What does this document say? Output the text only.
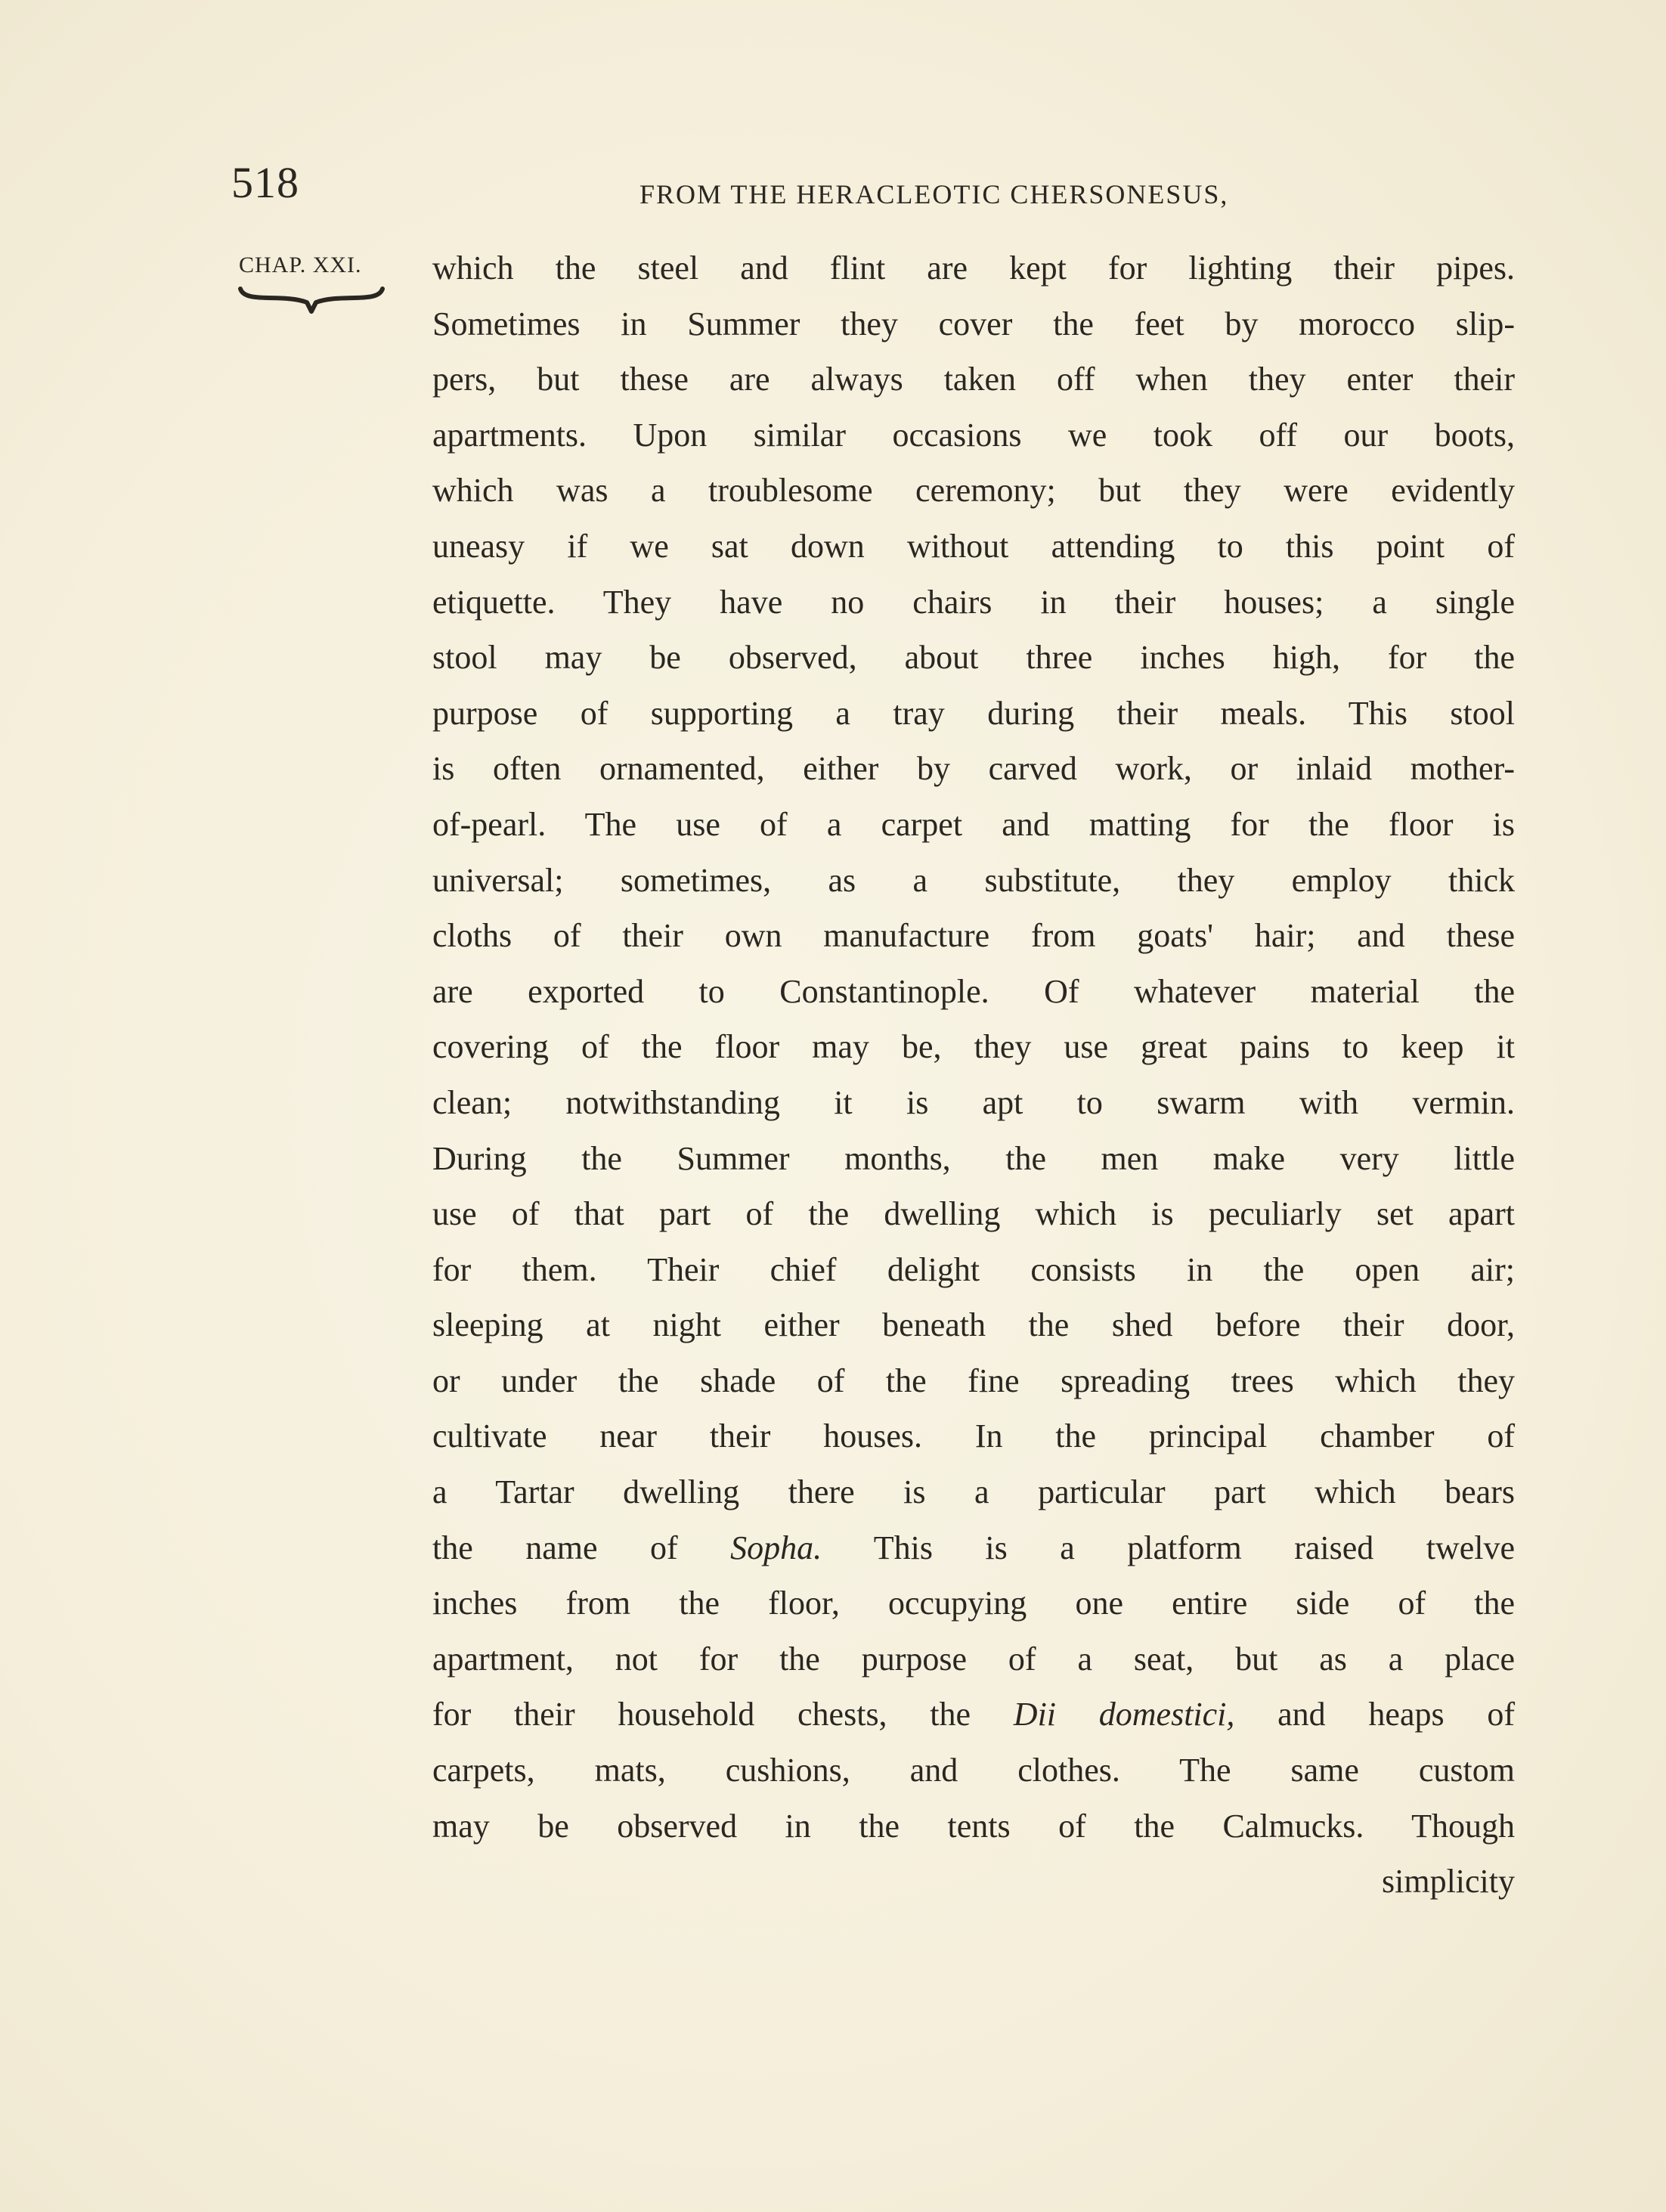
518	FROM THE HERACLEOTIC CHERSONESUS,
CHAP. XXI.	which the steel and flint are kept for lighting their pipes.
Sometimes in Summer they cover the feet by morocco slip-
pers, but these are always taken off when they enter their
apartments. Upon similar occasions we took off our boots,
which was a troublesome ceremony; but they were evidently
uneasy if we sat down without attending to this point of
etiquette. They have no chairs in their houses; a single
stool may be observed, about three inches high, for the
purpose of supporting a tray during their meals. This stool
is often ornamented, either by carved work, or inlaid mother-
of-pearl. The use of a carpet and matting for the floor is
universal; sometimes, as a substitute, they employ thick
cloths of their own manufacture from goats' hair; and these
are exported to Constantinople. Of whatever material the
covering of the floor may be, they use great pains to keep it
clean; notwithstanding it is apt to swarm with vermin.
During the Summer months, the men make very little
use of that part of the dwelling which is peculiarly set apart
for them. Their chief delight consists in the open air;
sleeping at night either beneath the shed before their door,
or under the shade of the fine spreading trees which they
cultivate near their houses. In the principal chamber of
a Tartar dwelling there is a particular part which bears
the name of Sopha. This is a platform raised twelve
inches from the floor, occupying one entire side of the
apartment, not for the purpose of a seat, but as a place
for their household chests, the Dii domestici, and heaps of
carpets, mats, cushions, and clothes. The same custom
may be observed in the tents of the Calmucks. Though
simplicity
